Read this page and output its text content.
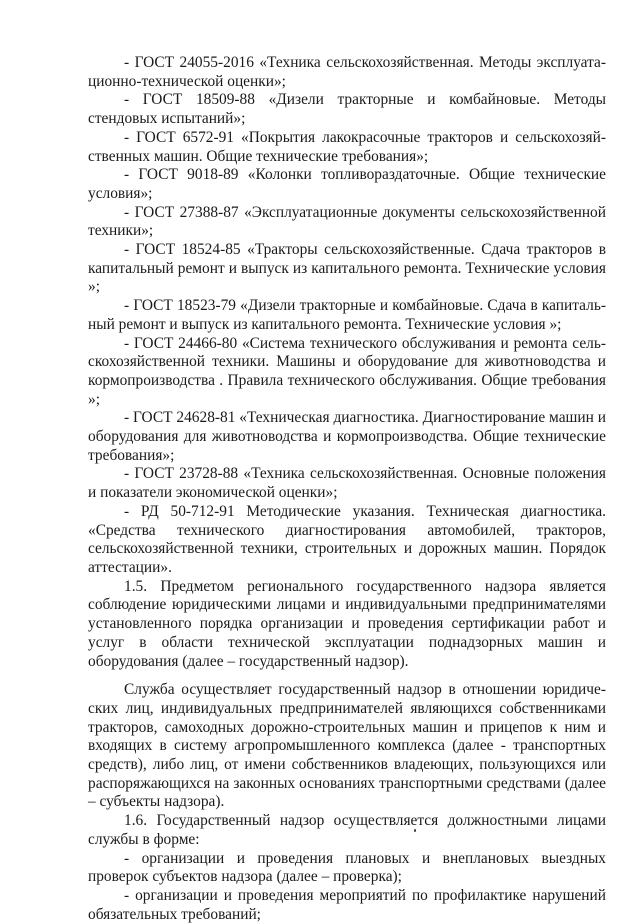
- ГОСТ 24055-2016 «Техника сельскохозяйственная. Методы эксплуатационно-технической оценки»;

- ГОСТ 18509-88 «Дизели тракторные и комбайновые. Методы стендовых испытаний»;

- ГОСТ 6572-91 «Покрытия лакокрасочные тракторов и сельскохозяйственных машин. Общие технические требования»;

- ГОСТ 9018-89 «Колонки топливораздаточные. Общие технические условия»;

- ГОСТ 27388-87 «Эксплуатационные документы сельскохозяйственной техники»;

- ГОСТ 18524-85 «Тракторы сельскохозяйственные. Сдача тракторов в капитальный ремонт и выпуск из капитального ремонта. Технические условия »;

- ГОСТ 18523-79 «Дизели тракторные и комбайновые. Сдача в капитальный ремонт и выпуск из капитального ремонта. Технические условия »;

- ГОСТ 24466-80 «Система технического обслуживания и ремонта сельскохозяйственной техники. Машины и оборудование для животноводства и кормопроизводства . Правила технического обслуживания. Общие требования »;

- ГОСТ 24628-81 «Техническая диагностика. Диагностирование машин и оборудования для животноводства и кормопроизводства. Общие технические требования»;

- ГОСТ 23728-88 «Техника сельскохозяйственная. Основные положения и показатели экономической оценки»;

- РД 50-712-91 Методические указания. Техническая диагностика. «Средства технического диагностирования автомобилей, тракторов, сельскохозяйственной техники, строительных и дорожных машин. Порядок аттестации».

1.5. Предметом регионального государственного надзора является соблюдение юридическими лицами и индивидуальными предпринимателями установленного порядка организации и проведения сертификации работ и услуг в области технической эксплуатации поднадзорных машин и оборудования (далее – государственный надзор).

Служба осуществляет государственный надзор в отношении юридических лиц, индивидуальных предпринимателей являющихся собственниками тракторов, самоходных дорожно-строительных машин и прицепов к ним и входящих в систему агропромышленного комплекса (далее - транспортных средств), либо лиц, от имени собственников владеющих, пользующихся или распоряжающихся на законных основаниях транспортными средствами (далее – субъекты надзора).

1.6. Государственный надзор осуществляется должностными лицами службы в форме:

- организации и проведения плановых и внеплановых выездных проверок субъектов надзора (далее – проверка);

- организации и проведения мероприятий по профилактике нарушений обязательных требований;
